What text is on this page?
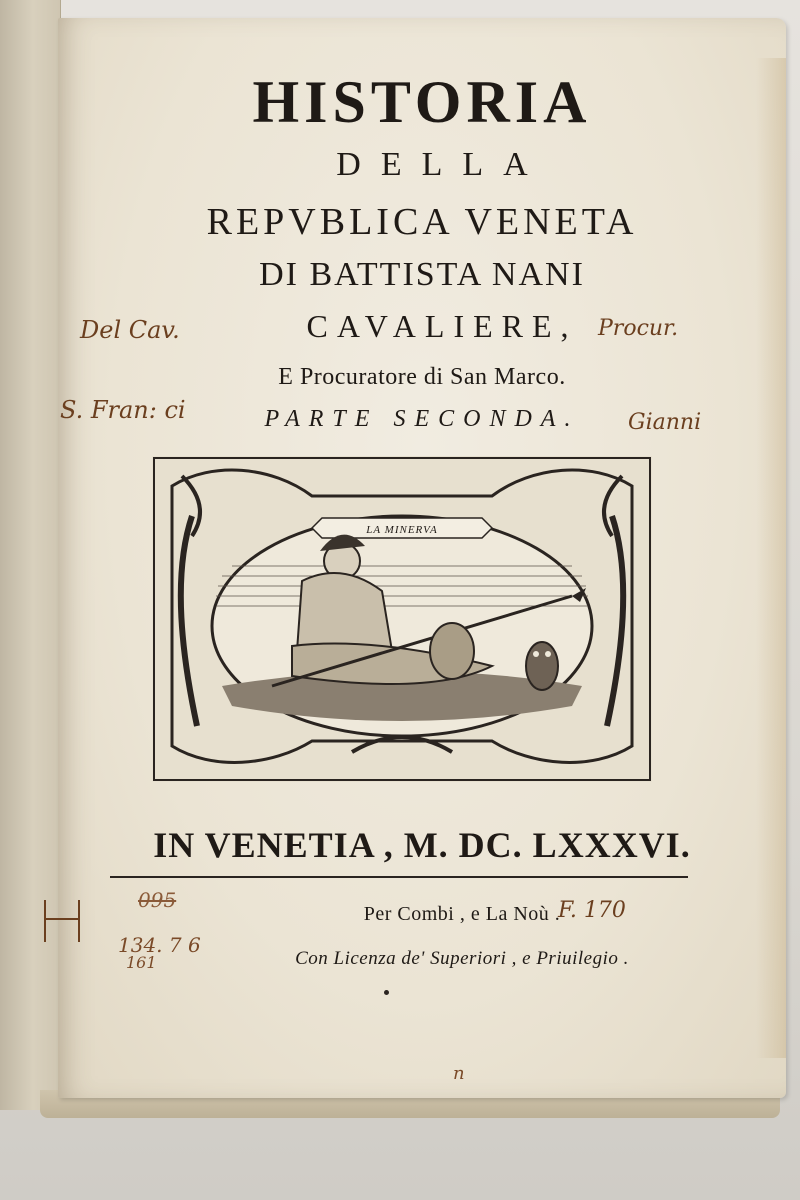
HISTORIA
DELLA
REPVBLICA VENETA
DI BATTISTA NANI
CAVALIERE,
E Procuratore di San Marco.
PARTE SECONDA.
LA MINERVA
IN VENETIA , M. DC. LXXXVI.
Per Combi , e La Noù .
Con Licenza de' Superiori , e Priuilegio .
Del Cav.	Procur.
S. Fran: ci	Gianni
F. 170
095
134. 7 6
161
n
